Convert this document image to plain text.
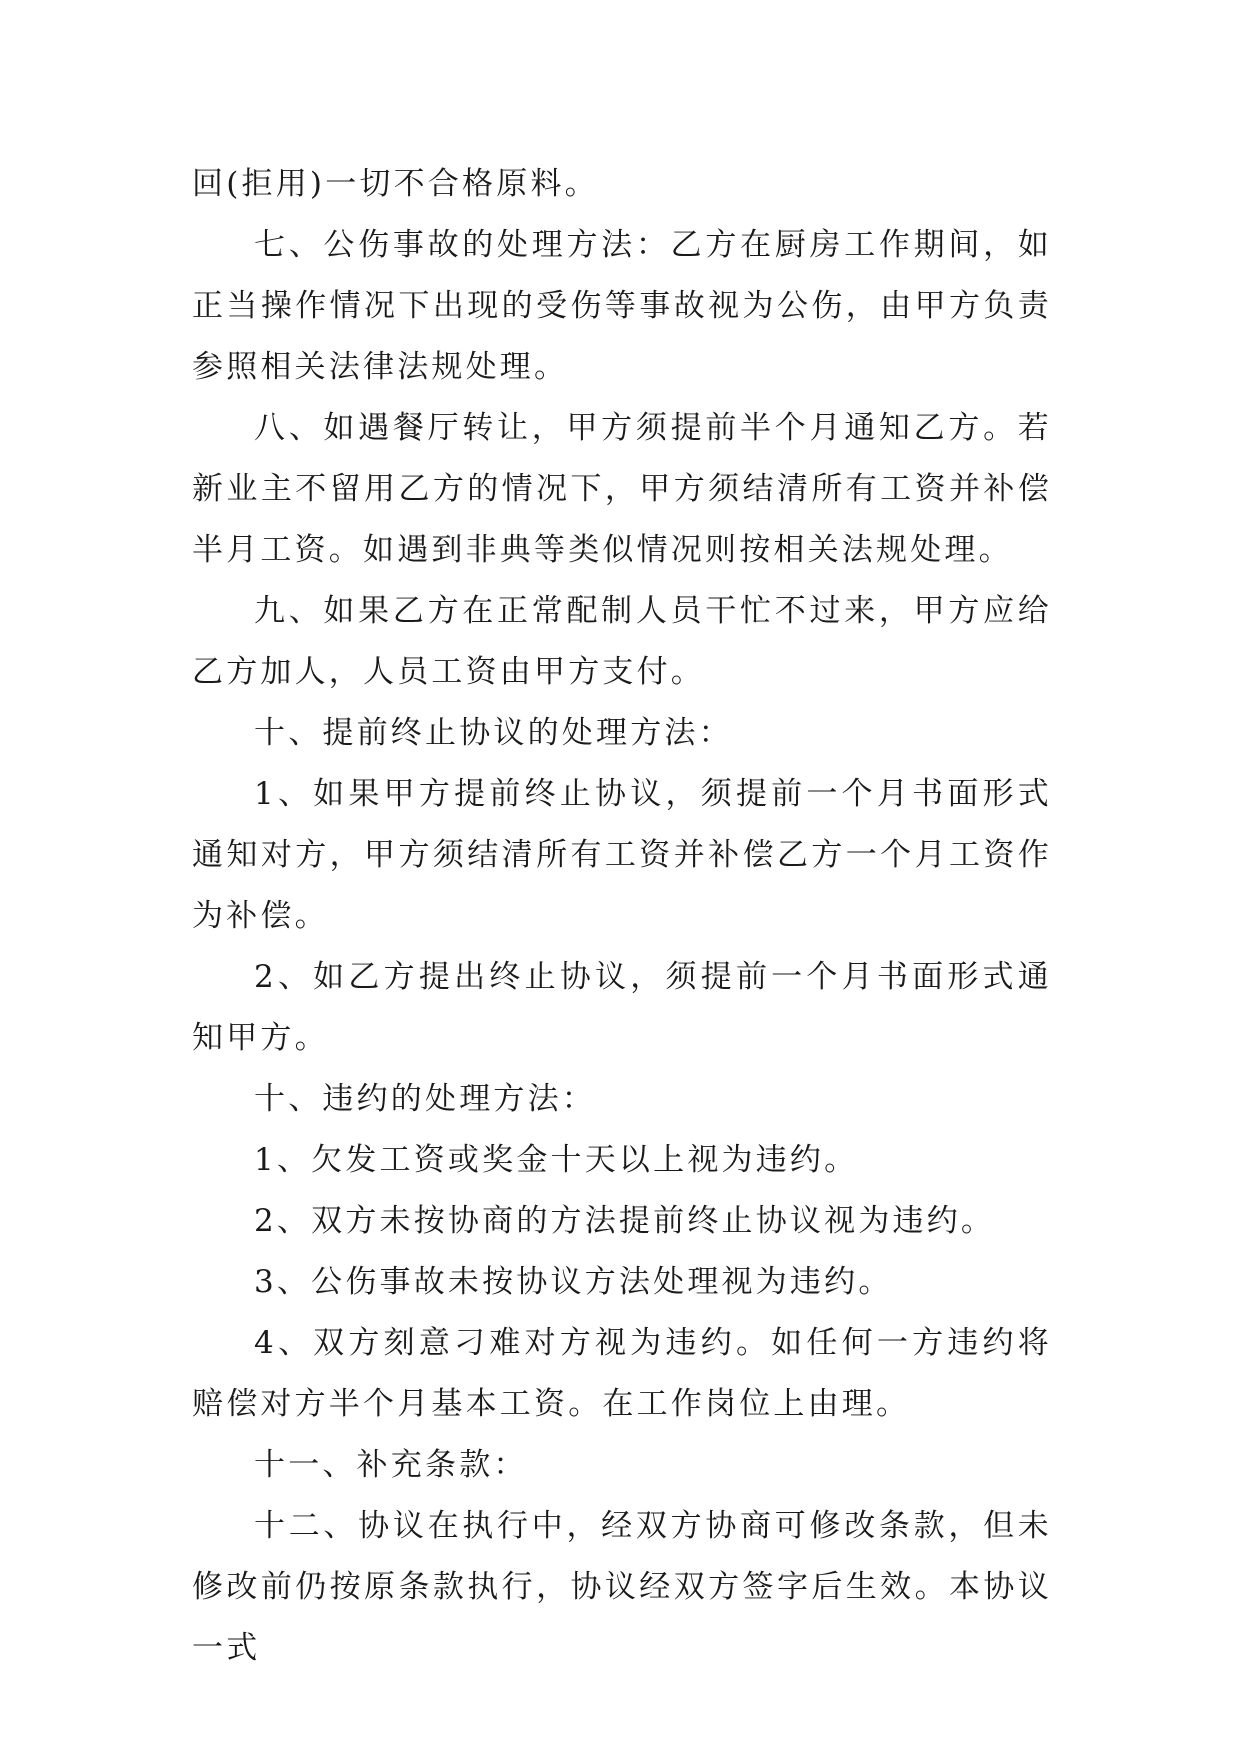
回(拒用)一切不合格原料。

七、公伤事故的处理方法：乙方在厨房工作期间，如正当操作情况下出现的受伤等事故视为公伤，由甲方负责参照相关法律法规处理。

八、如遇餐厅转让，甲方须提前半个月通知乙方。若新业主不留用乙方的情况下，甲方须结清所有工资并补偿半月工资。如遇到非典等类似情况则按相关法规处理。

九、如果乙方在正常配制人员干忙不过来，甲方应给乙方加人，人员工资由甲方支付。

十、提前终止协议的处理方法：

1、如果甲方提前终止协议，须提前一个月书面形式通知对方，甲方须结清所有工资并补偿乙方一个月工资作为补偿。

2、如乙方提出终止协议，须提前一个月书面形式通知甲方。

十、违约的处理方法：

1、欠发工资或奖金十天以上视为违约。

2、双方未按协商的方法提前终止协议视为违约。

3、公伤事故未按协议方法处理视为违约。

4、双方刻意刁难对方视为违约。如任何一方违约将赔偿对方半个月基本工资。在工作岗位上由理。

十一、补充条款：

十二、协议在执行中，经双方协商可修改条款，但未修改前仍按原条款执行，协议经双方签字后生效。本协议一式
